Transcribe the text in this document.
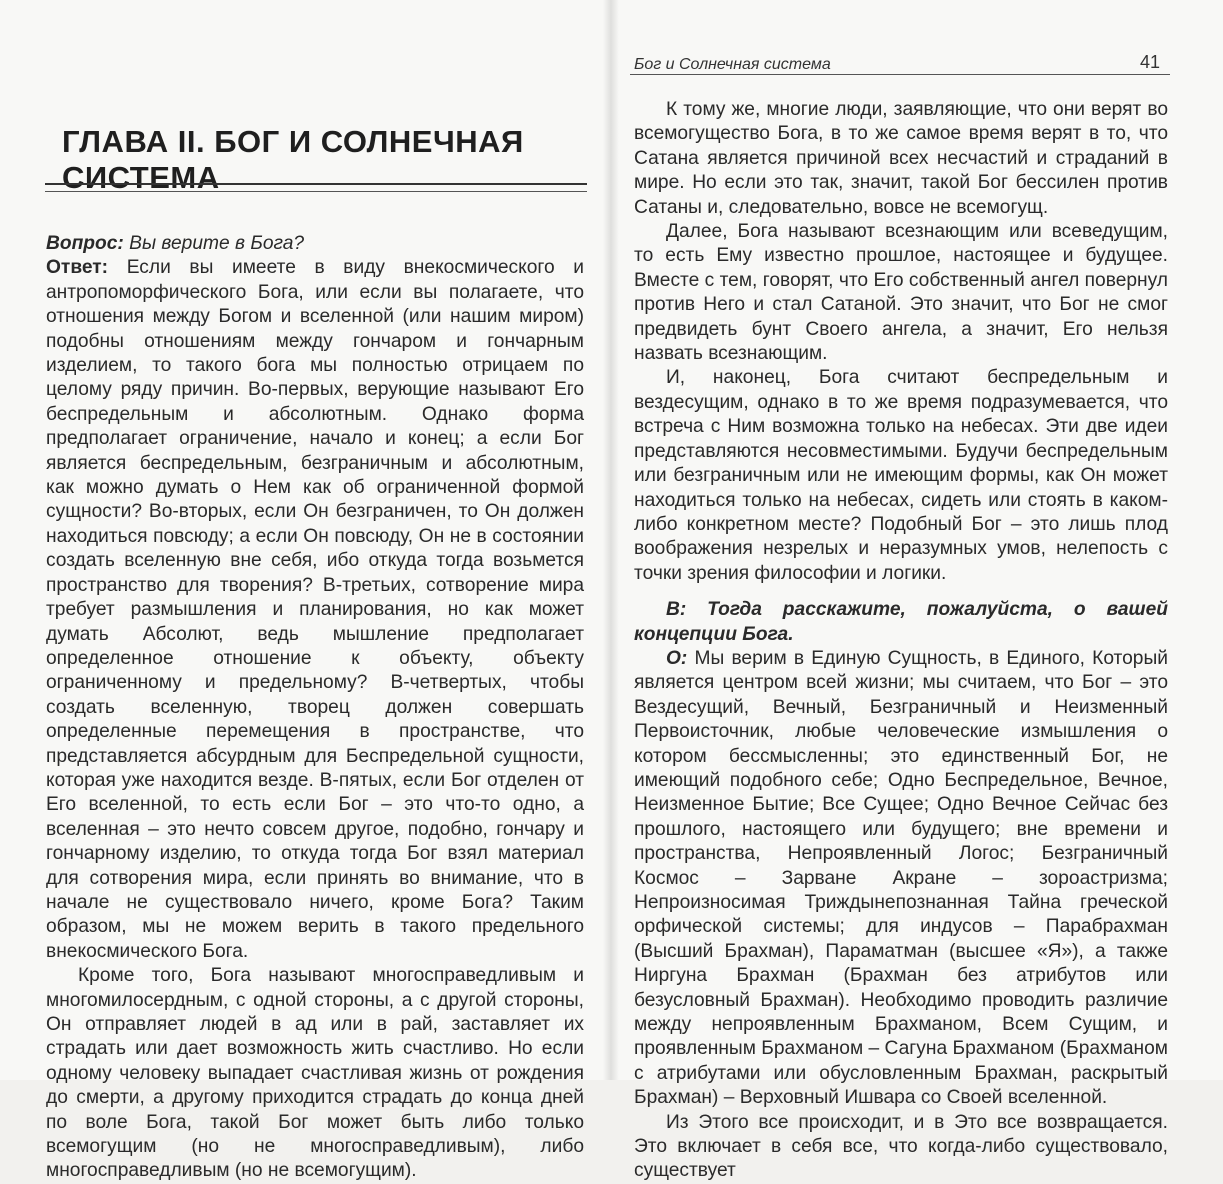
ГЛАВА II. БОГ И СОЛНЕЧНАЯ СИСТЕМА

Вопрос: Вы верите в Бога?

Ответ: Если вы имеете в виду внекосмического и антропоморфического Бога, или если вы полагаете, что отношения между Богом и вселенной (или нашим миром) подобны отношениям между гончаром и гончарным изделием, то такого бога мы полностью отрицаем по целому ряду причин. Во-первых, верующие называют Его беспредельным и абсолютным. Однако форма предполагает ограничение, начало и конец; а если Бог является беспредельным, безграничным и абсолютным, как можно думать о Нем как об ограниченной формой сущности? Во-вторых, если Он безграничен, то Он должен находиться повсюду; а если Он повсюду, Он не в состоянии создать вселенную вне себя, ибо откуда тогда возьмется пространство для творения? В-третьих, сотворение мира требует размышления и планирования, но как может думать Абсолют, ведь мышление предполагает определенное отношение к объекту, объекту ограниченному и предельному? В-четвертых, чтобы создать вселенную, творец должен совершать определенные перемещения в пространстве, что представляется абсурдным для Беспредельной сущности, которая уже находится везде. В-пятых, если Бог отделен от Его вселенной, то есть если Бог – это что-то одно, а вселенная – это нечто совсем другое, подобно, гончару и гончарному изделию, то откуда тогда Бог взял материал для сотворения мира, если принять во внимание, что в начале не существовало ничего, кроме Бога? Таким образом, мы не можем верить в такого предельного внекосмического Бога.

Кроме того, Бога называют многосправедливым и многомилосердным, с одной стороны, а с другой стороны, Он отправляет людей в ад или в рай, заставляет их страдать или дает возможность жить счастливо. Но если одному человеку выпадает счастливая жизнь от рождения до смерти, а другому приходится страдать до конца дней по воле Бога, такой Бог может быть либо только всемогущим (но не многосправедливым), либо многосправедливым (но не всемогущим).

Бог и Солнечная система	41

К тому же, многие люди, заявляющие, что они верят во всемогущество Бога, в то же самое время верят в то, что Сатана является причиной всех несчастий и страданий в мире. Но если это так, значит, такой Бог бессилен против Сатаны и, следовательно, вовсе не всемогущ.

Далее, Бога называют всезнающим или всеведущим, то есть Ему известно прошлое, настоящее и будущее. Вместе с тем, говорят, что Его собственный ангел повернул против Него и стал Сатаной. Это значит, что Бог не смог предвидеть бунт Своего ангела, а значит, Его нельзя назвать всезнающим.

И, наконец, Бога считают беспредельным и вездесущим, однако в то же время подразумевается, что встреча с Ним возможна только на небесах. Эти две идеи представляются несовместимыми. Будучи беспредельным или безграничным или не имеющим формы, как Он может находиться только на небесах, сидеть или стоять в каком-либо конкретном месте? Подобный Бог – это лишь плод воображения незрелых и неразумных умов, нелепость с точки зрения философии и логики.

В: Тогда расскажите, пожалуйста, о вашей концепции Бога.

О: Мы верим в Единую Сущность, в Единого, Который является центром всей жизни; мы считаем, что Бог – это Вездесущий, Вечный, Безграничный и Неизменный Первоисточник, любые человеческие измышления о котором бессмысленны; это единственный Бог, не имеющий подобного себе; Одно Беспредельное, Вечное, Неизменное Бытие; Все Сущее; Одно Вечное Сейчас без прошлого, настоящего или будущего; вне времени и пространства, Непроявленный Логос; Безграничный Космос – Зарване Акране – зороастризма; Непроизносимая Триждынепознанная Тайна греческой орфической системы; для индусов – Парабрахман (Высший Брахман), Параматман (высшее «Я»), а также Ниргуна Брахман (Брахман без атрибутов или безусловный Брахман). Необходимо проводить различие между непроявленным Брахманом, Всем Сущим, и проявленным Брахманом – Сагуна Брахманом (Брахманом с атрибутами или обусловленным Брахман, раскрытый Брахман) – Верховный Ишвара со Своей вселенной.

Из Этого все происходит, и в Это все возвращается. Это включает в себя все, что когда-либо существовало, существует
